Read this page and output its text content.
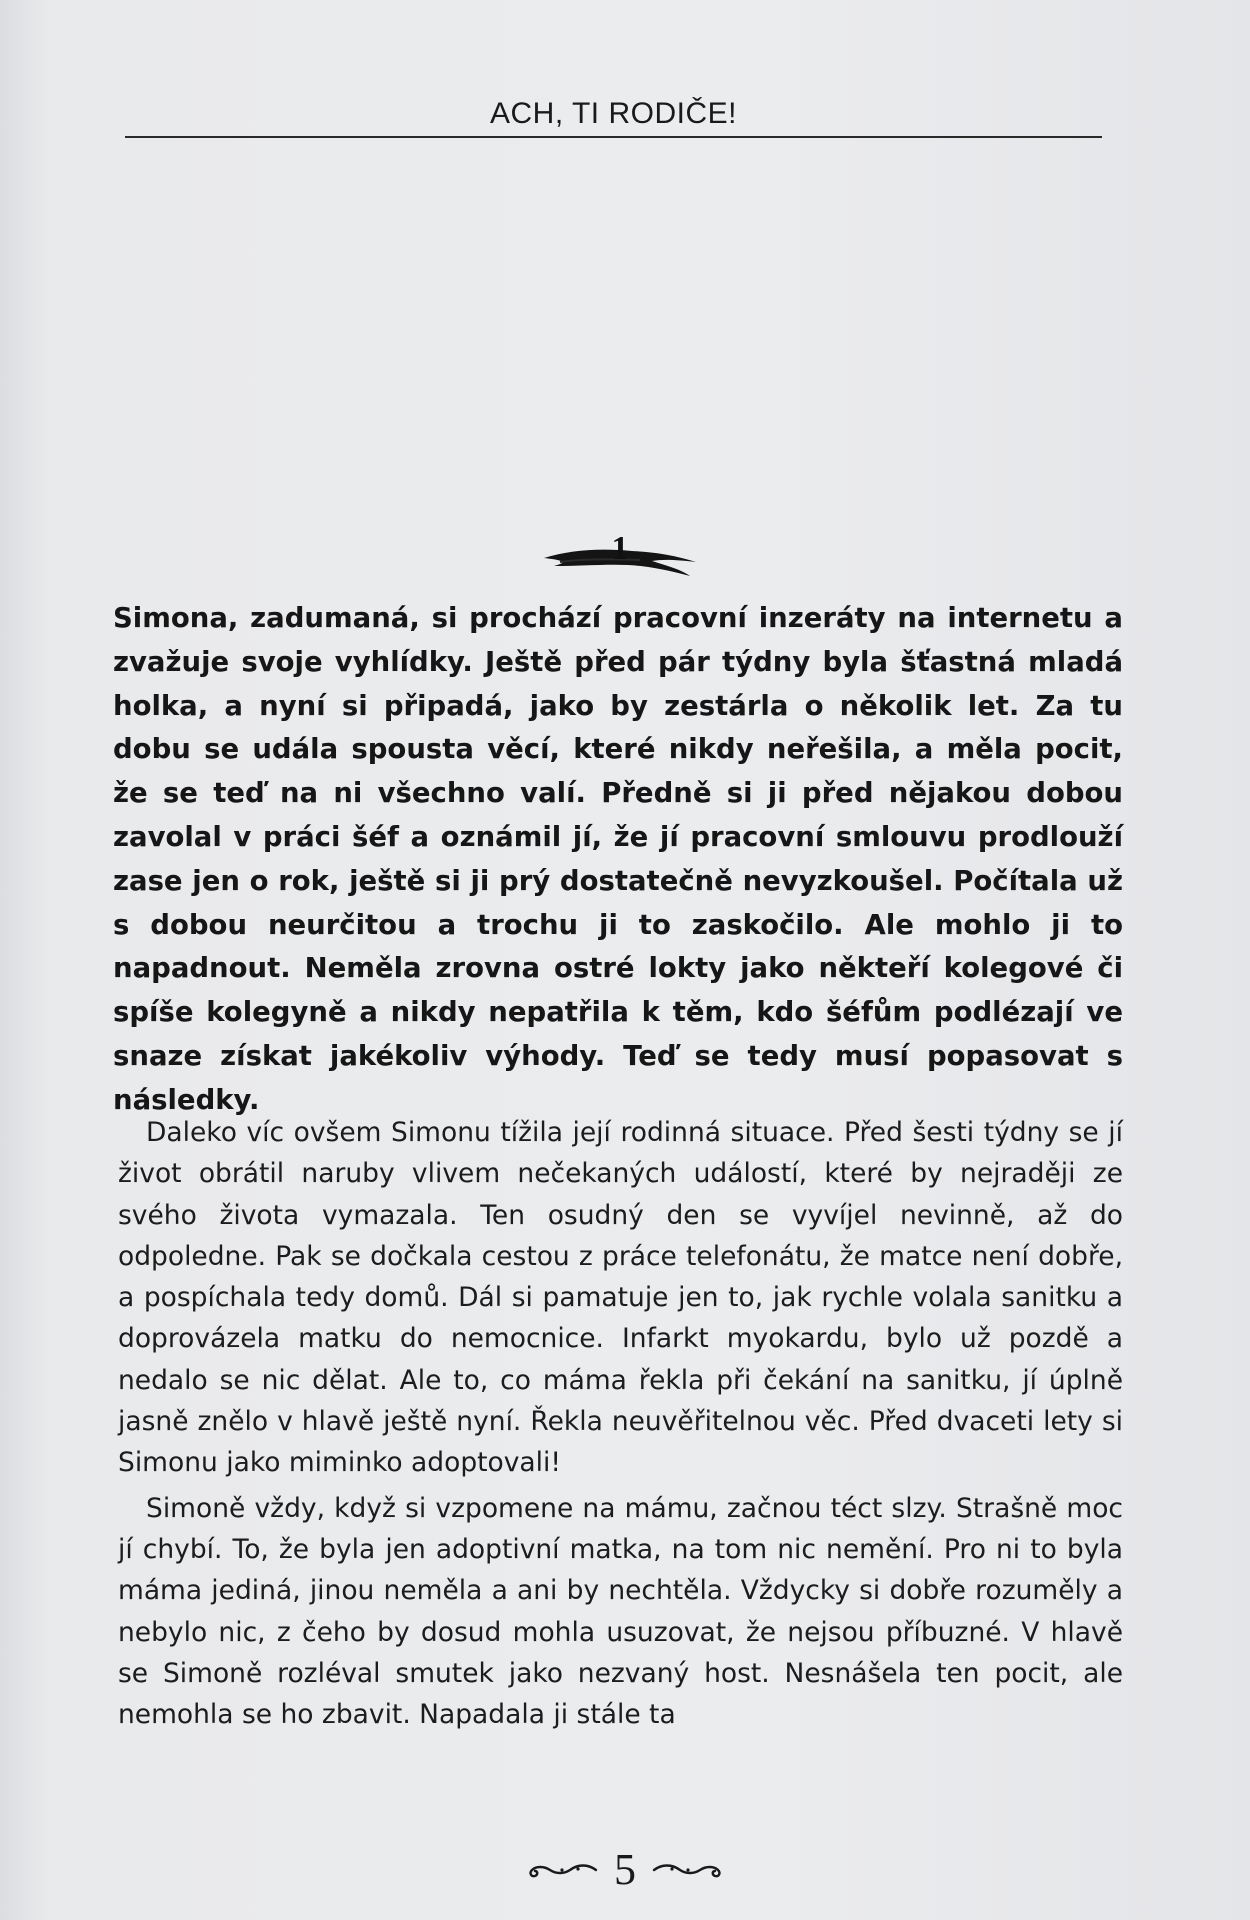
ACH, TI RODIČE!
1
Simona, zadumaná, si prochází pracovní inzeráty na internetu a zvažuje svoje vyhlídky. Ještě před pár týdny byla šťastná mladá holka, a nyní si připadá, jako by zestárla o několik let. Za tu dobu se udála spousta věcí, které nikdy neřešila, a měla pocit, že se teď na ni všechno valí. Předně si ji před nějakou dobou zavolal v práci šéf a oznámil jí, že jí pracovní smlouvu prodlouží zase jen o rok, ještě si ji prý dostatečně nevyzkoušel. Počítala už s dobou neurčitou a trochu ji to zaskočilo. Ale mohlo ji to napadnout. Neměla zrovna ostré lokty jako někteří kolegové či spíše kolegyně a nikdy nepatřila k těm, kdo šéfům podlézají ve snaze získat jakékoliv výhody. Teď se tedy musí popasovat s následky.

Daleko víc ovšem Simonu tížila její rodinná situace. Před šesti týdny se jí život obrátil naruby vlivem nečekaných událostí, které by nejraději ze svého života vymazala. Ten osudný den se vyvíjel nevinně, až do odpoledne. Pak se dočkala cestou z práce telefonátu, že matce není dobře, a pospíchala tedy domů. Dál si pamatuje jen to, jak rychle volala sanitku a doprovázela matku do nemocnice. Infarkt myokardu, bylo už pozdě a nedalo se nic dělat. Ale to, co máma řekla při čekání na sanitku, jí úplně jasně znělo v hlavě ještě nyní. Řekla neuvěřitelnou věc. Před dvaceti lety si Simonu jako miminko adoptovali!

Simoně vždy, když si vzpomene na mámu, začnou téct slzy. Strašně moc jí chybí. To, že byla jen adoptivní matka, na tom nic nemění. Pro ni to byla máma jediná, jinou neměla a ani by nechtěla. Vždycky si dobře rozuměly a nebylo nic, z čeho by dosud mohla usuzovat, že nejsou příbuzné. V hlavě se Simoně rozléval smutek jako nezvaný host. Nesnášela ten pocit, ale nemohla se ho zbavit. Napadala ji stále ta

5
